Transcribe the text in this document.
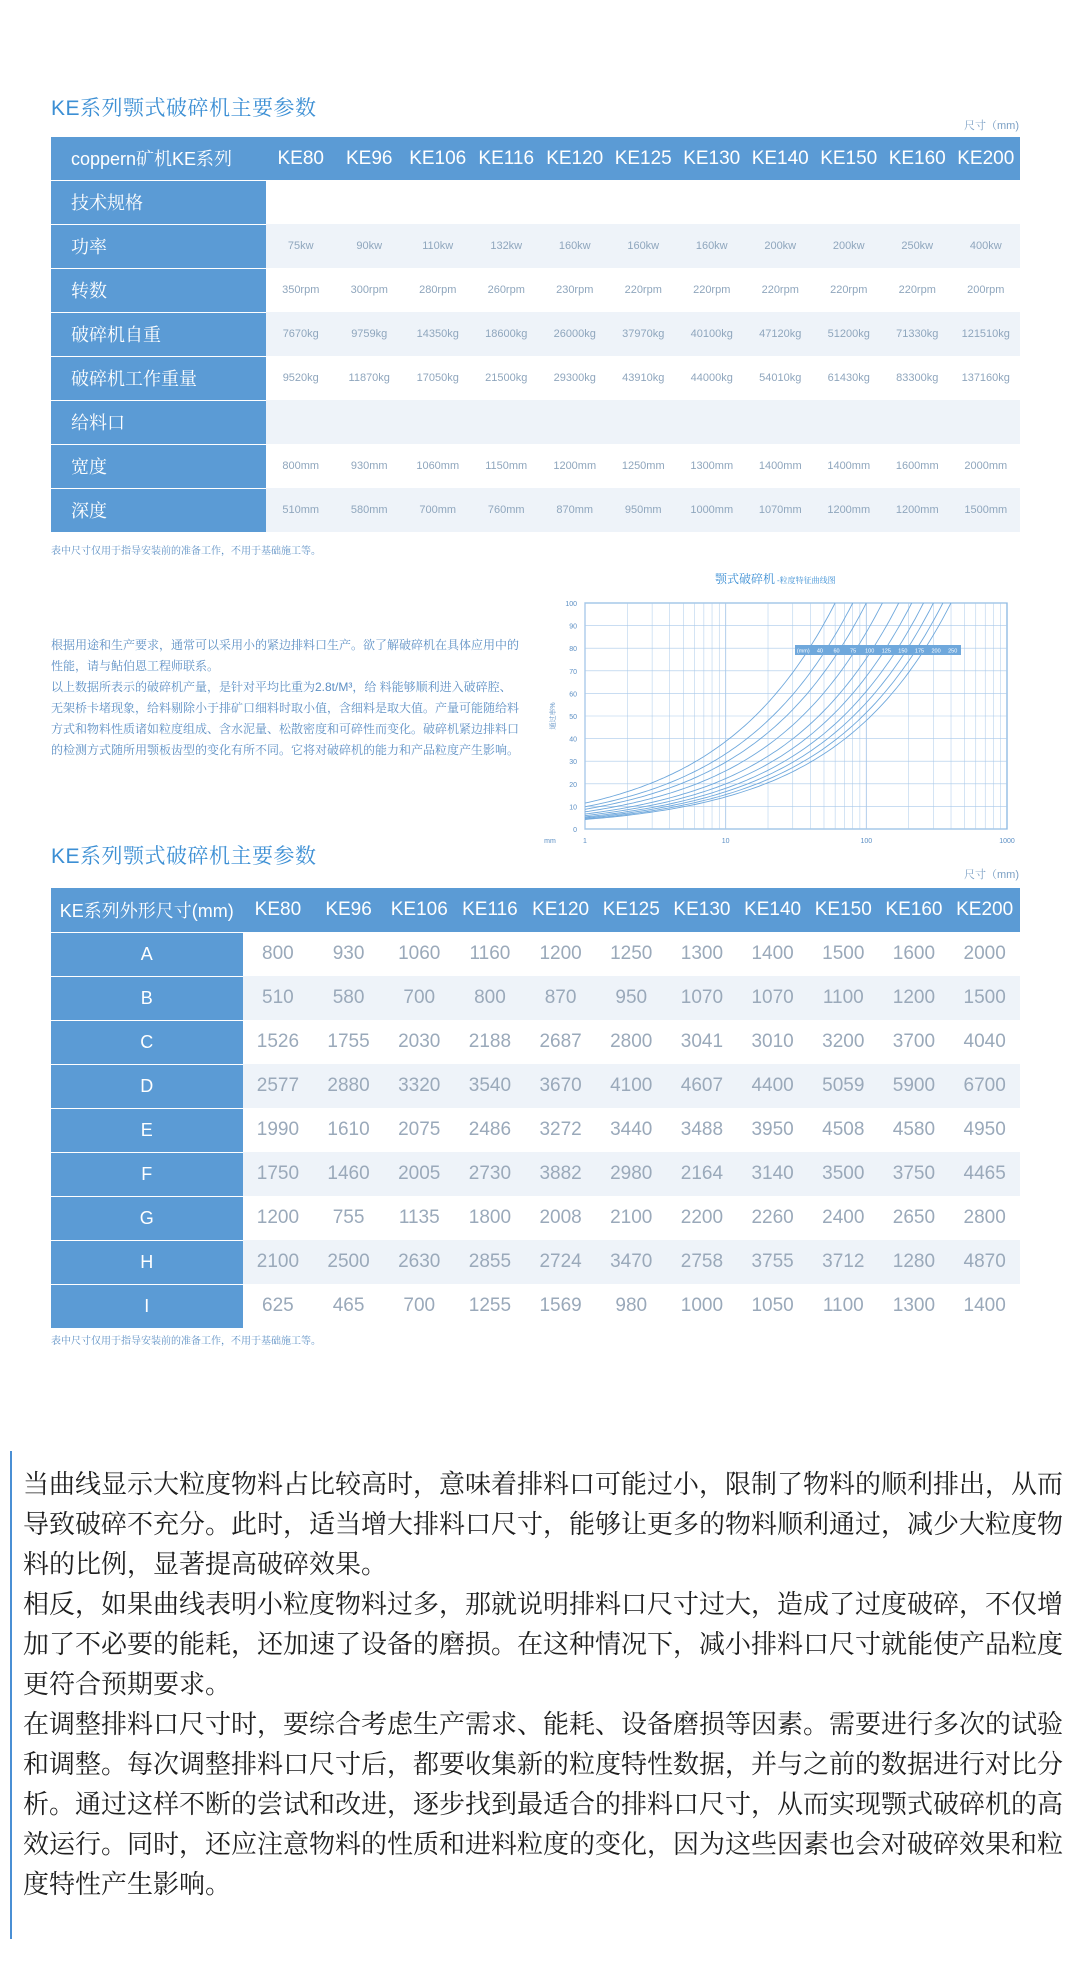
KE系列颚式破碎机主要参数
尺寸（mm)
coppern矿机KE系列	KE80	KE96	KE106	KE116	KE120	KE125	KE130	KE140	KE150	KE160	KE200
技术规格											
功率	75kw	90kw	110kw	132kw	160kw	160kw	160kw	200kw	200kw	250kw	400kw
转数	350rpm	300rpm	280rpm	260rpm	230rpm	220rpm	220rpm	220rpm	220rpm	220rpm	200rpm
破碎机自重	7670kg	9759kg	14350kg	18600kg	26000kg	37970kg	40100kg	47120kg	51200kg	71330kg	121510kg
破碎机工作重量	9520kg	11870kg	17050kg	21500kg	29300kg	43910kg	44000kg	54010kg	61430kg	83300kg	137160kg
给料口											
宽度	800mm	930mm	1060mm	1150mm	1200mm	1250mm	1300mm	1400mm	1400mm	1600mm	2000mm
深度	510mm	580mm	700mm	760mm	870mm	950mm	1000mm	1070mm	1200mm	1200mm	1500mm
表中尺寸仅用于指导安装前的准备工作，不用于基础施工等。

根据用途和生产要求，通常可以采用小的紧边排料口生产。欲了解破碎机在具体应用中的性能，请与鲇伯恩工程师联系。

以上数据所表示的破碎机产量，是针对平均比重为2.8t/M³，给 料能够顺利进入破碎腔、无架桥卡堵现象，给料剔除小于排矿口细料时取小值，含细料是取大值。产量可能随给料方式和物料性质诸如粒度组成、含水泥量、松散密度和可碎性而变化。破碎机紧边排料口的检测方式随所用颚板齿型的变化有所不同。它将对破碎机的能力和产品粒度产生影响。

颚式破碎机 -粒度特征曲线图
0
10
20
30
40
50
60
70
80
90
100
1	10	100	1000
mm
通过率%
(mm) 40 60 75 100 125 150 175 200 250
KE系列颚式破碎机主要参数
尺寸（mm)
KE系列外形尺寸(mm)	KE80	KE96	KE106	KE116	KE120	KE125	KE130	KE140	KE150	KE160	KE200
A	800	930	1060	1160	1200	1250	1300	1400	1500	1600	2000
B	510	580	700	800	870	950	1070	1070	1100	1200	1500
C	1526	1755	2030	2188	2687	2800	3041	3010	3200	3700	4040
D	2577	2880	3320	3540	3670	4100	4607	4400	5059	5900	6700
E	1990	1610	2075	2486	3272	3440	3488	3950	4508	4580	4950
F	1750	1460	2005	2730	3882	2980	2164	3140	3500	3750	4465
G	1200	755	1135	1800	2008	2100	2200	2260	2400	2650	2800
H	2100	2500	2630	2855	2724	3470	2758	3755	3712	1280	4870
I	625	465	700	1255	1569	980	1000	1050	1100	1300	1400
表中尺寸仅用于指导安装前的准备工作，不用于基础施工等。

当曲线显示大粒度物料占比较高时，意味着排料口可能过小，限制了物料的顺利排出，从而导致破碎不充分。此时，适当增大排料口尺寸，能够让更多的物料顺利通过，减少大粒度物料的比例，显著提高破碎效果。

相反，如果曲线表明小粒度物料过多，那就说明排料口尺寸过大，造成了过度破碎，不仅增加了不必要的能耗，还加速了设备的磨损。在这种情况下，减小排料口尺寸就能使产品粒度更符合预期要求。

在调整排料口尺寸时，要综合考虑生产需求、能耗、设备磨损等因素。需要进行多次的试验和调整。每次调整排料口尺寸后，都要收集新的粒度特性数据，并与之前的数据进行对比分析。通过这样不断的尝试和改进，逐步找到最适合的排料口尺寸，从而实现颚式破碎机的高效运行。同时，还应注意物料的性质和进料粒度的变化，因为这些因素也会对破碎效果和粒度特性产生影响。
